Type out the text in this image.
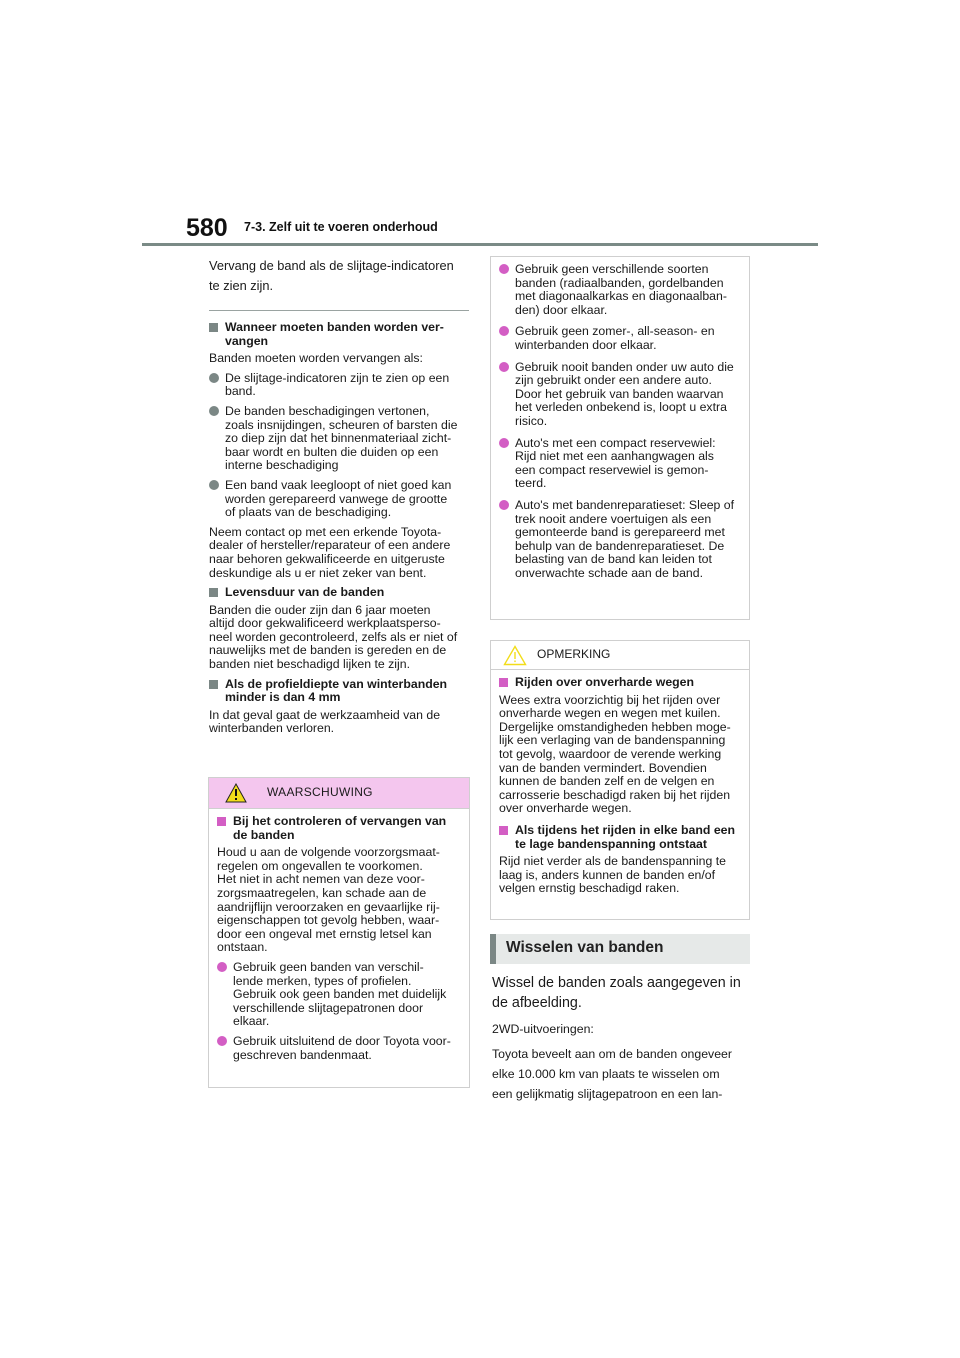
580 7-3. Zelf uit te voeren onderhoud
Vervang de band als de slijtage-indicatoren
te zien zijn.
Wanneer moeten banden worden ver-
vangen
Banden moeten worden vervangen als:
De slijtage-indicatoren zijn te zien op een
band.
De banden beschadigingen vertonen,
zoals insnijdingen, scheuren of barsten die
zo diep zijn dat het binnenmateriaal zicht-
baar wordt en bulten die duiden op een
interne beschadiging
Een band vaak leegloopt of niet goed kan
worden gerepareerd vanwege de grootte
of plaats van de beschadiging.
Neem contact op met een erkende Toyota-
dealer of hersteller/reparateur of een andere
naar behoren gekwalificeerde en uitgeruste
deskundige als u er niet zeker van bent.
Levensduur van de banden
Banden die ouder zijn dan 6 jaar moeten
altijd door gekwalificeerd werkplaatsperso-
neel worden gecontroleerd, zelfs als er niet of
nauwelijks met de banden is gereden en de
banden niet beschadigd lijken te zijn.
Als de profieldiepte van winterbanden
minder is dan 4 mm
In dat geval gaat de werkzaamheid van de
winterbanden verloren.
WAARSCHUWING
Bij het controleren of vervangen van
de banden
Houd u aan de volgende voorzorgsmaat-
regelen om ongevallen te voorkomen.
Het niet in acht nemen van deze voor-
zorgsmaatregelen, kan schade aan de
aandrijflijn veroorzaken en gevaarlijke rij-
eigenschappen tot gevolg hebben, waar-
door een ongeval met ernstig letsel kan
ontstaan.
Gebruik geen banden van verschil-
lende merken, types of profielen.
Gebruik ook geen banden met duidelijk
verschillende slijtagepatronen door
elkaar.
Gebruik uitsluitend de door Toyota voor-
geschreven bandenmaat.
Gebruik geen verschillende soorten
banden (radiaalbanden, gordelbanden
met diagonaalkarkas en diagonaalban-
den) door elkaar.
Gebruik geen zomer-, all-season- en
winterbanden door elkaar.
Gebruik nooit banden onder uw auto die
zijn gebruikt onder een andere auto.
Door het gebruik van banden waarvan
het verleden onbekend is, loopt u extra
risico.
Auto's met een compact reservewiel:
Rijd niet met een aanhangwagen als
een compact reservewiel is gemon-
teerd.
Auto's met bandenreparatieset: Sleep of
trek nooit andere voertuigen als een
gemonteerde band is gerepareerd met
behulp van de bandenreparatieset. De
belasting van de band kan leiden tot
onverwachte schade aan de band.
OPMERKING
Rijden over onverharde wegen
Wees extra voorzichtig bij het rijden over
onverharde wegen en wegen met kuilen.
Dergelijke omstandigheden hebben moge-
lijk een verlaging van de bandenspanning
tot gevolg, waardoor de verende werking
van de banden vermindert. Bovendien
kunnen de banden zelf en de velgen en
carrosserie beschadigd raken bij het rijden
over onverharde wegen.
Als tijdens het rijden in elke band een
te lage bandenspanning ontstaat
Rijd niet verder als de bandenspanning te
laag is, anders kunnen de banden en/of
velgen ernstig beschadigd raken.
Wisselen van banden
Wissel de banden zoals aangegeven in
de afbeelding.
2WD-uitvoeringen:
Toyota beveelt aan om de banden ongeveer
elke 10.000 km van plaats te wisselen om
een gelijkmatig slijtagepatroon en een lan-
